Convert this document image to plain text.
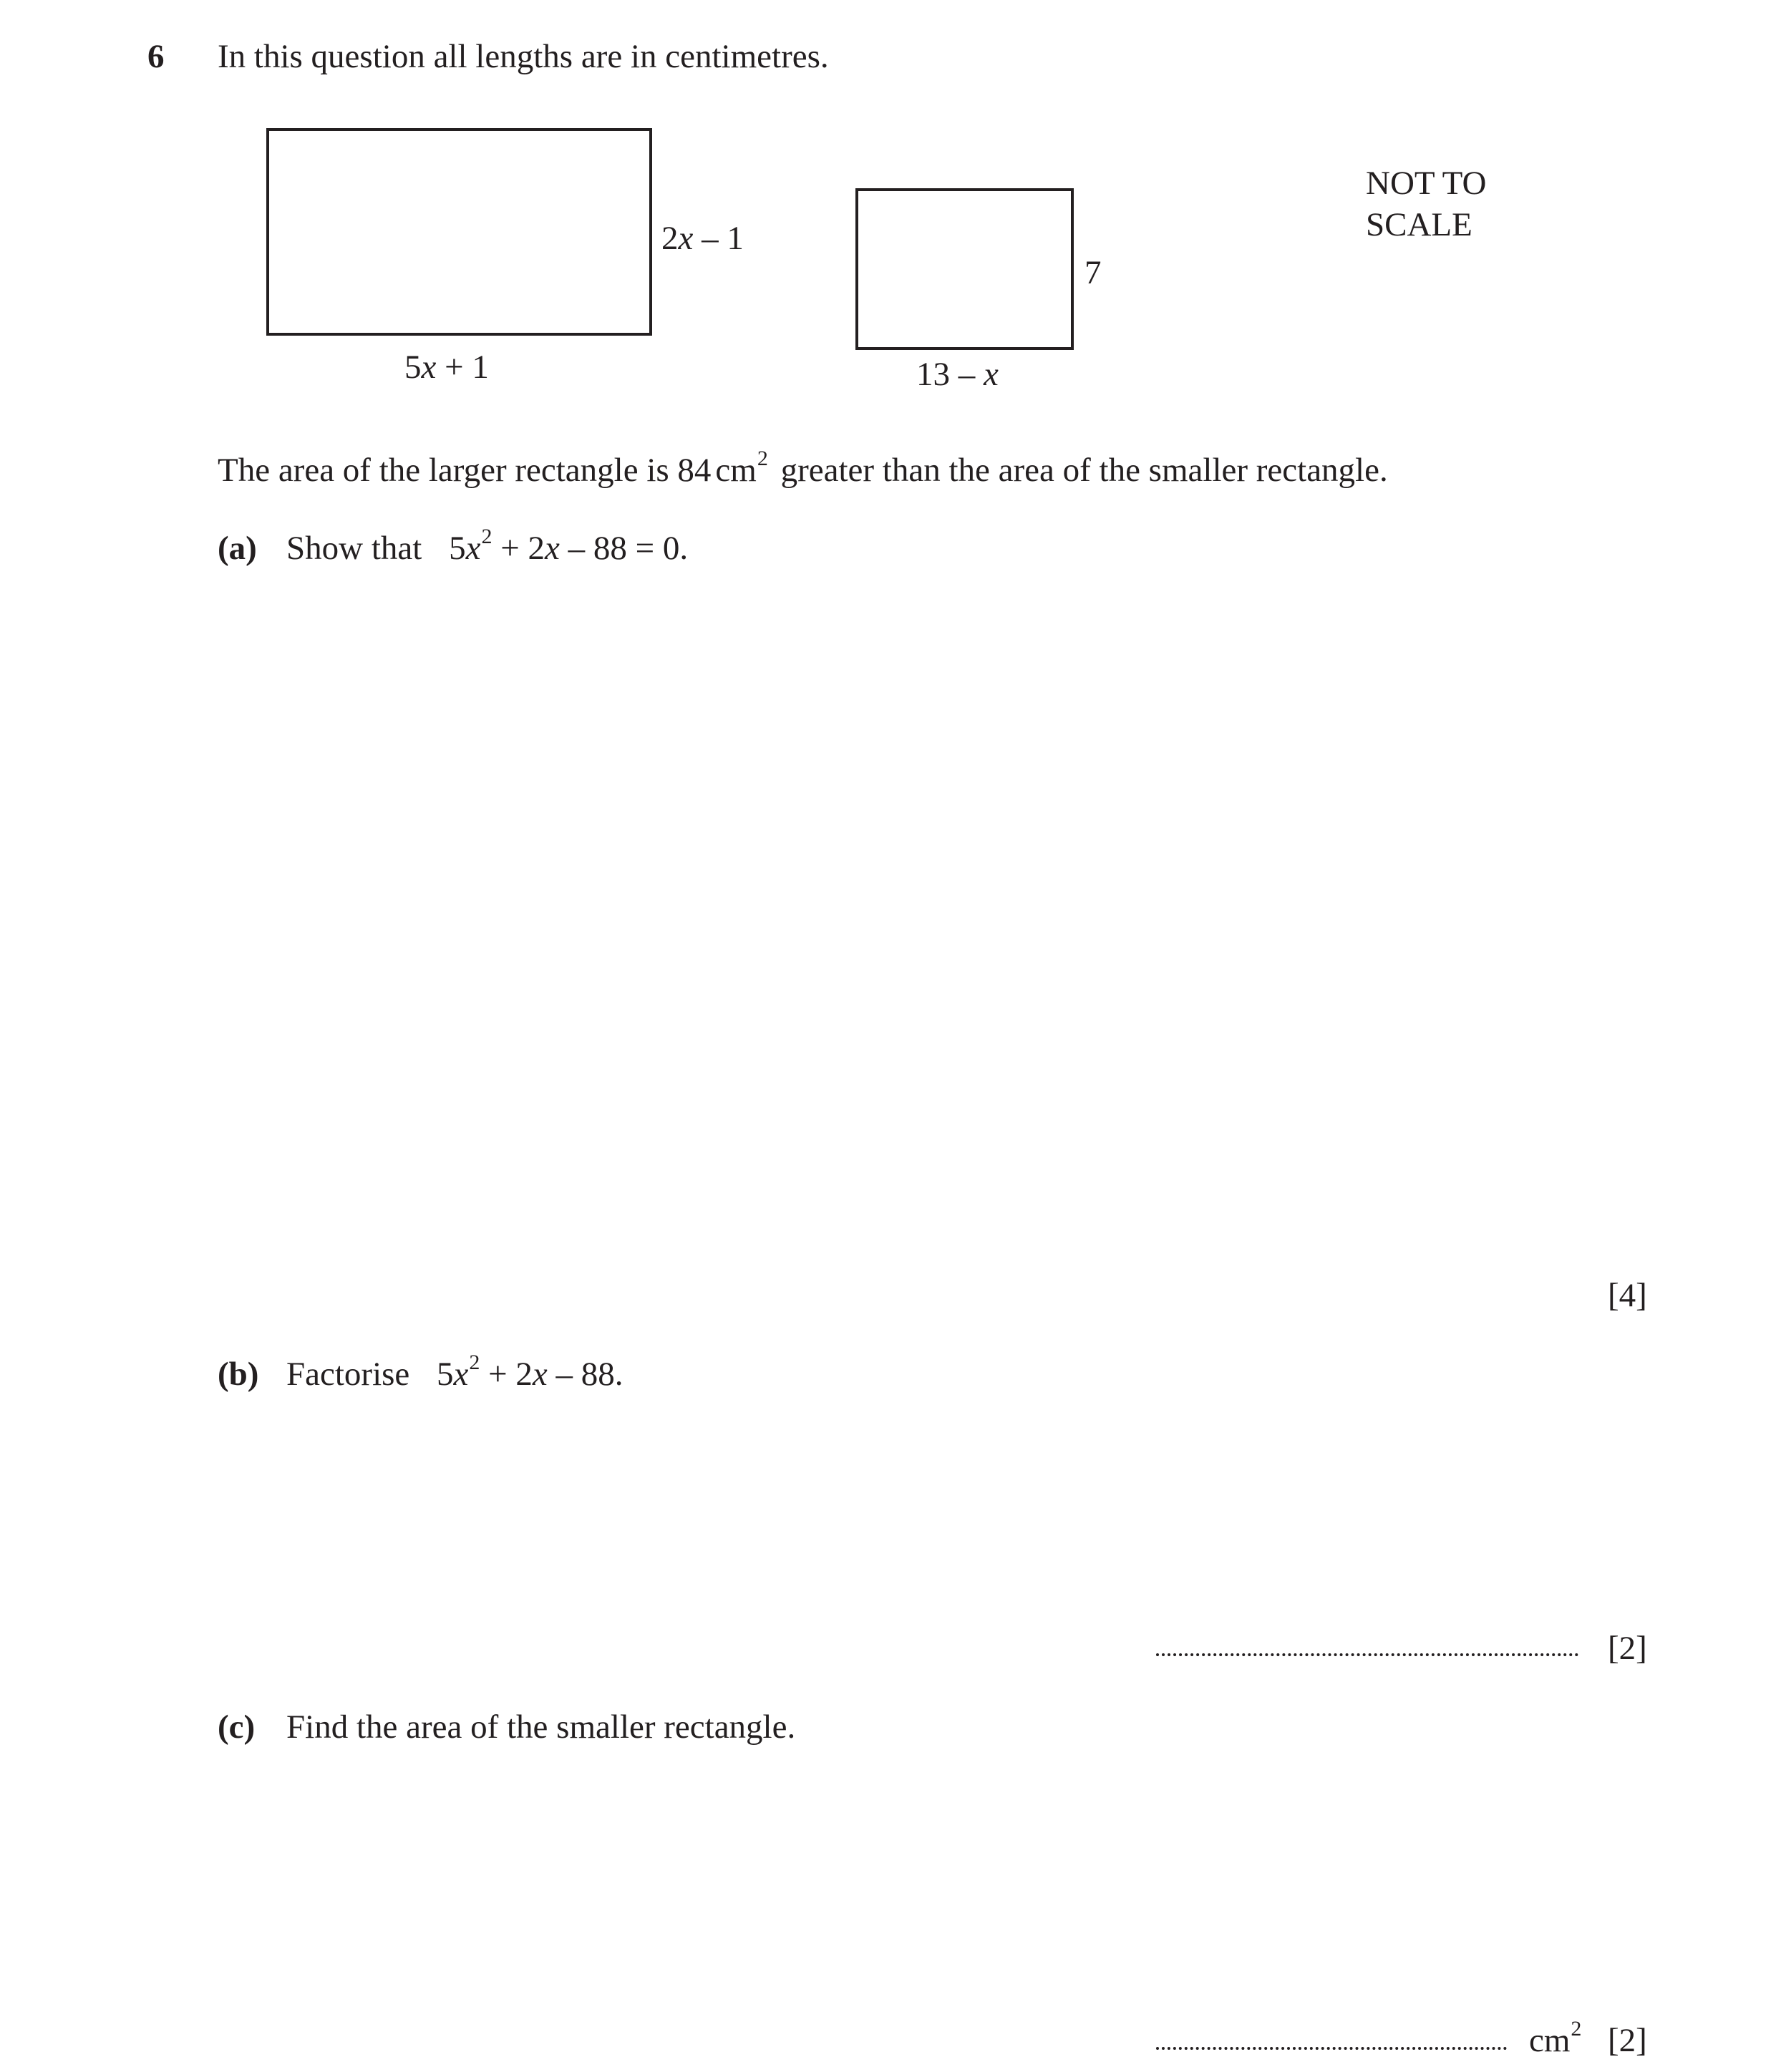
6 In this question all lengths are in centimetres.
2x – 1
5x + 1
7
13 – x
NOT TO
SCALE
The area of the larger rectangle is 84 $cm^2$ greater than the area of the smaller rectangle.
(a) Show that $5x^2 + 2x - 88 = 0$.
[4]
(b) Factorise $5x^2 + 2x - 88$.
[2]
(c) Find the area of the smaller rectangle.
$cm^2$ [2]
